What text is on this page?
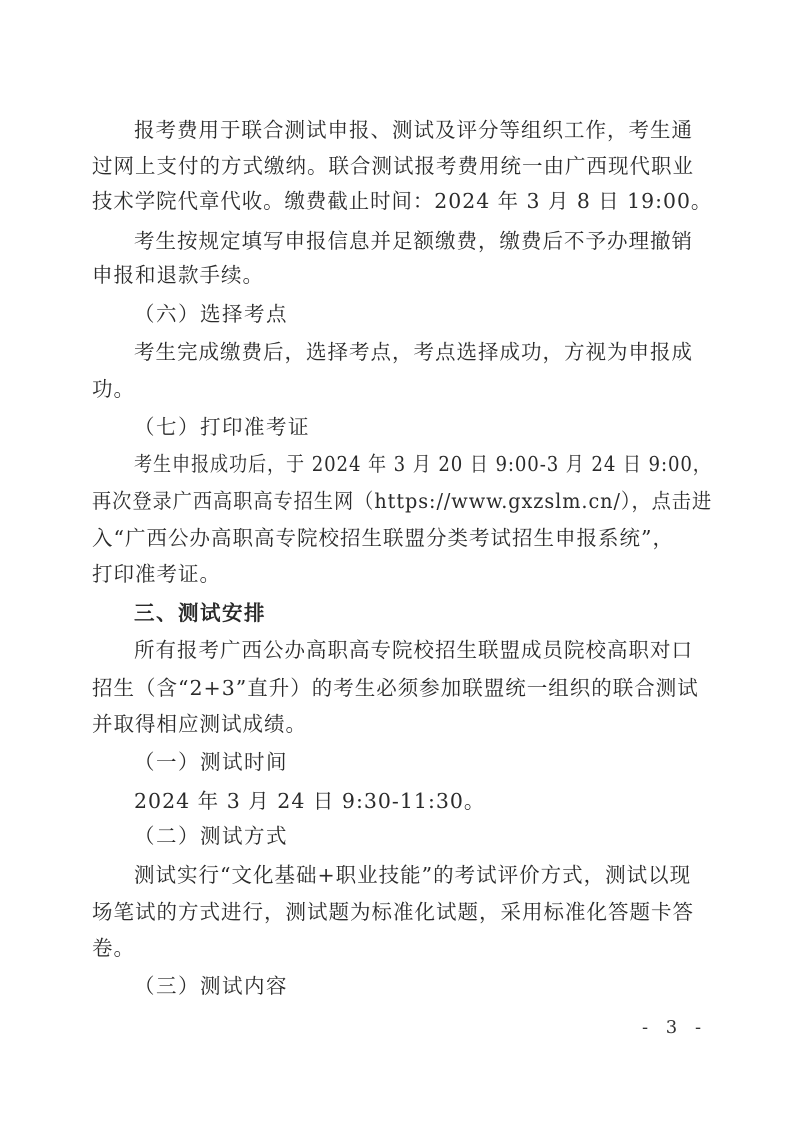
报考费用于联合测试申报、测试及评分等组织工作，考生通
过网上支付的方式缴纳。联合测试报考费用统一由广西现代职业
技术学院代章代收。缴费截止时间：2024 年 3 月 8 日 19:00。
考生按规定填写申报信息并足额缴费，缴费后不予办理撤销
申报和退款手续。
（六）选择考点
考生完成缴费后，选择考点，考点选择成功，方视为申报成
功。
（七）打印准考证
考生申报成功后，于 2024 年 3 月 20 日 9:00-3 月 24 日 9:00，
再次登录广西高职高专招生网（https://www.gxzslm.cn/），点击进
入“广西公办高职高专院校招生联盟分类考试招生申报系统”，
打印准考证。
三、测试安排
所有报考广西公办高职高专院校招生联盟成员院校高职对口
招生（含“2+3”直升）的考生必须参加联盟统一组织的联合测试
并取得相应测试成绩。
（一）测试时间
2024 年 3 月 24 日 9:30-11:30。
（二）测试方式
测试实行“文化基础+职业技能”的考试评价方式，测试以现
场笔试的方式进行，测试题为标准化试题，采用标准化答题卡答
卷。
（三）测试内容
- 3 -
